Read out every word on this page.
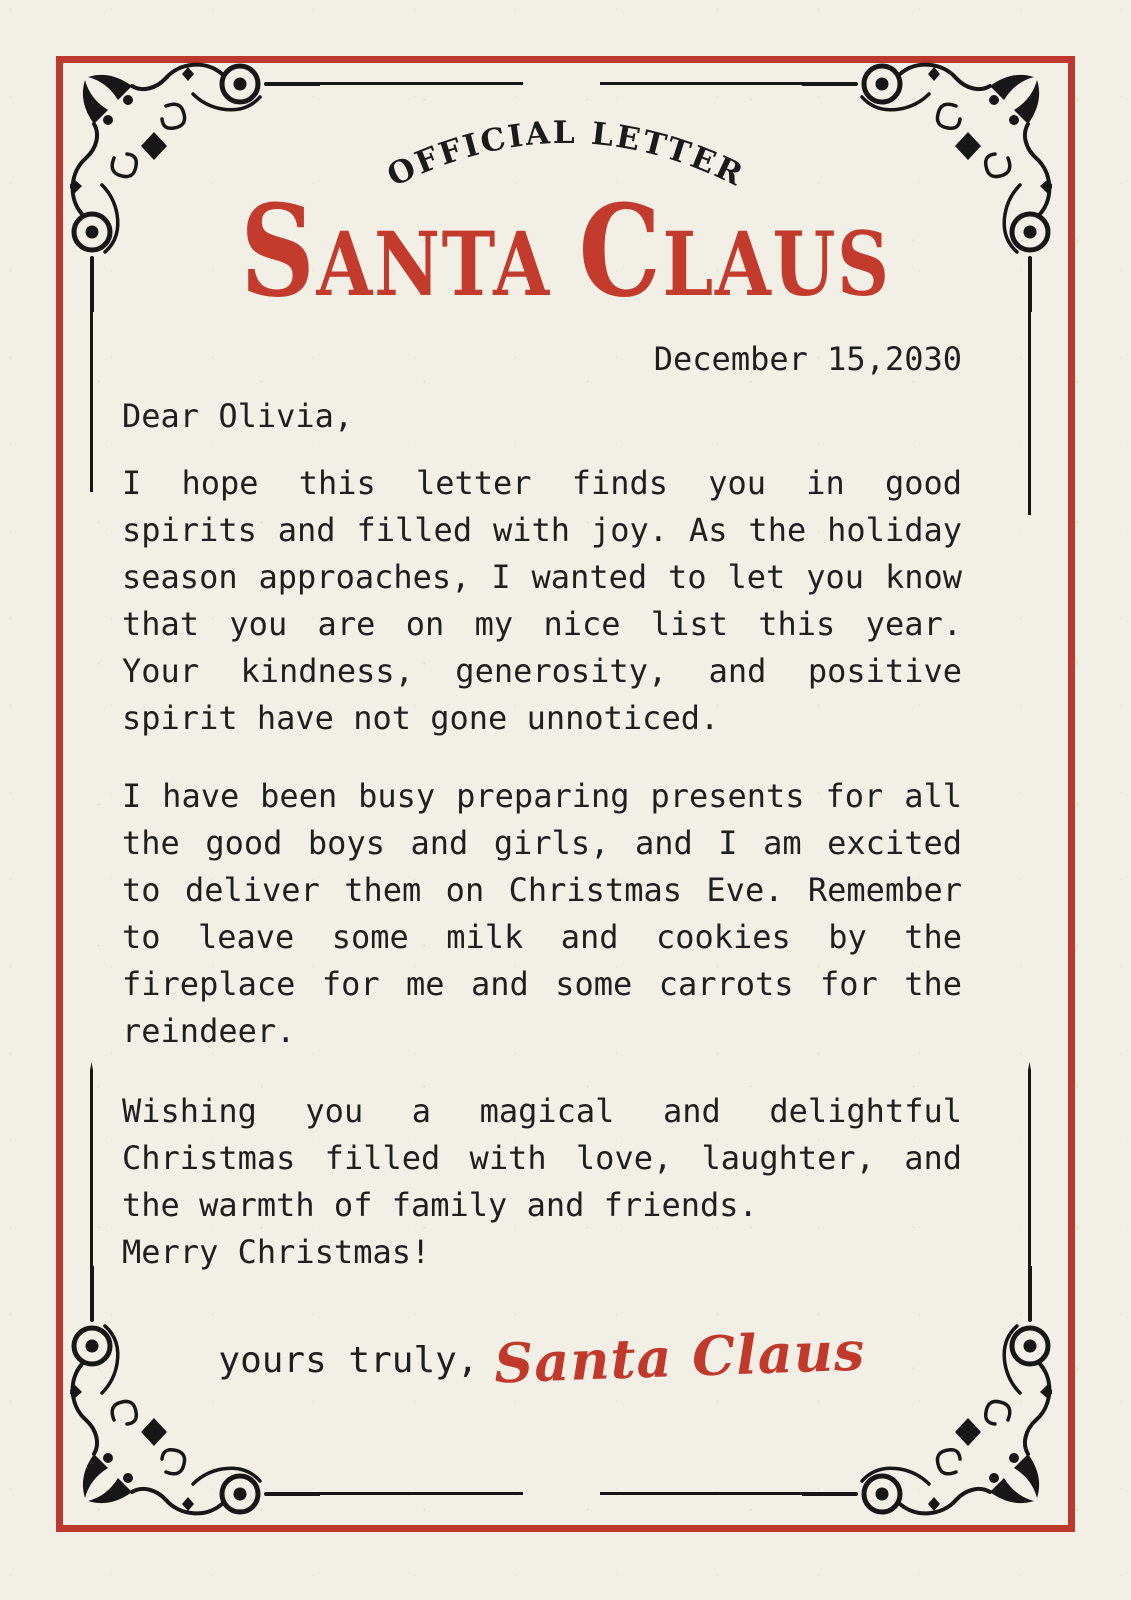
OFFICIAL LETTER
SANTA CLAUS
December 15,2030
Dear Olivia,
I hope this letter finds you in good spirits and filled with joy. As the holiday season approaches, I wanted to let you know that you are on my nice list this year. Your kindness, generosity, and positive spirit have not gone unnoticed.
I have been busy preparing presents for all the good boys and girls, and I am excited to deliver them on Christmas Eve. Remember to leave some milk and cookies by the fireplace for me and some carrots for the reindeer.
Wishing you a magical and delightful Christmas filled with love, laughter, and the warmth of family and friends.
Merry Christmas!
yours truly, Santa Claus
